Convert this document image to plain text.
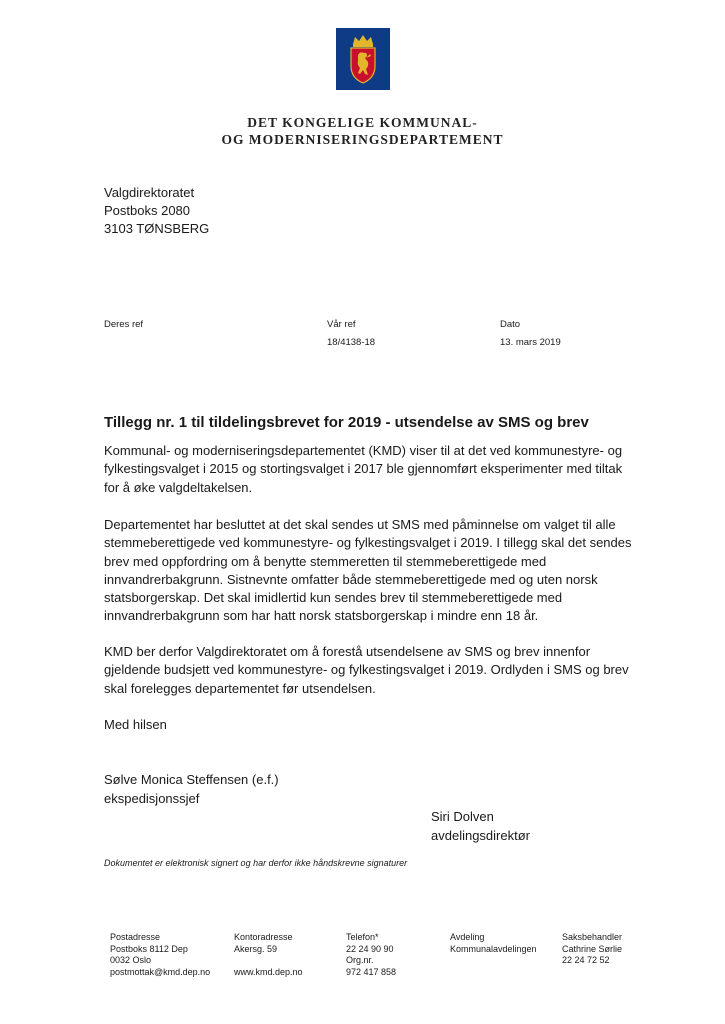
DET KONGELIGE KOMMUNAL-
OG MODERNISERINGSDEPARTEMENT
Valgdirektoratet
Postboks 2080
3103 TØNSBERG
Deres ref	Vår ref
18/4138-18
Dato
13. mars 2019
Tillegg nr. 1 til tildelingsbrevet for 2019 - utsendelse av SMS og brev
Kommunal- og moderniseringsdepartementet (KMD) viser til at det ved kommunestyre- og
fylkestingsvalget i 2015 og stortingsvalget i 2017 ble gjennomført eksperimenter med tiltak
for å øke valgdeltakelsen.
Departementet har besluttet at det skal sendes ut SMS med påminnelse om valget til alle
stemmeberettigede ved kommunestyre- og fylkestingsvalget i 2019. I tillegg skal det sendes
brev med oppfordring om å benytte stemmeretten til stemmeberettigede med
innvandrerbakgrunn. Sistnevnte omfatter både stemmeberettigede med og uten norsk
statsborgerskap. Det skal imidlertid kun sendes brev til stemmeberettigede med
innvandrerbakgrunn som har hatt norsk statsborgerskap i mindre enn 18 år.
KMD ber derfor Valgdirektoratet om å forestå utsendelsene av SMS og brev innenfor
gjeldende budsjett ved kommunestyre- og fylkestingsvalget i 2019. Ordlyden i SMS og brev
skal forelegges departementet før utsendelsen.
Med hilsen
Sølve Monica Steffensen (e.f.)
ekspedisjonssjef
Siri Dolven
avdelingsdirektør
Dokumentet er elektronisk signert og har derfor ikke håndskrevne signaturer
Postadresse
Postboks 8112 Dep
0032 Oslo
postmottak@kmd.dep.no
Kontoradresse
Akersg. 59

www.kmd.dep.no
Telefon*
22 24 90 90
Org.nr.
972 417 858
Avdeling
Kommunalavdelingen
Saksbehandler
Cathrine Sørlie
22 24 72 52
